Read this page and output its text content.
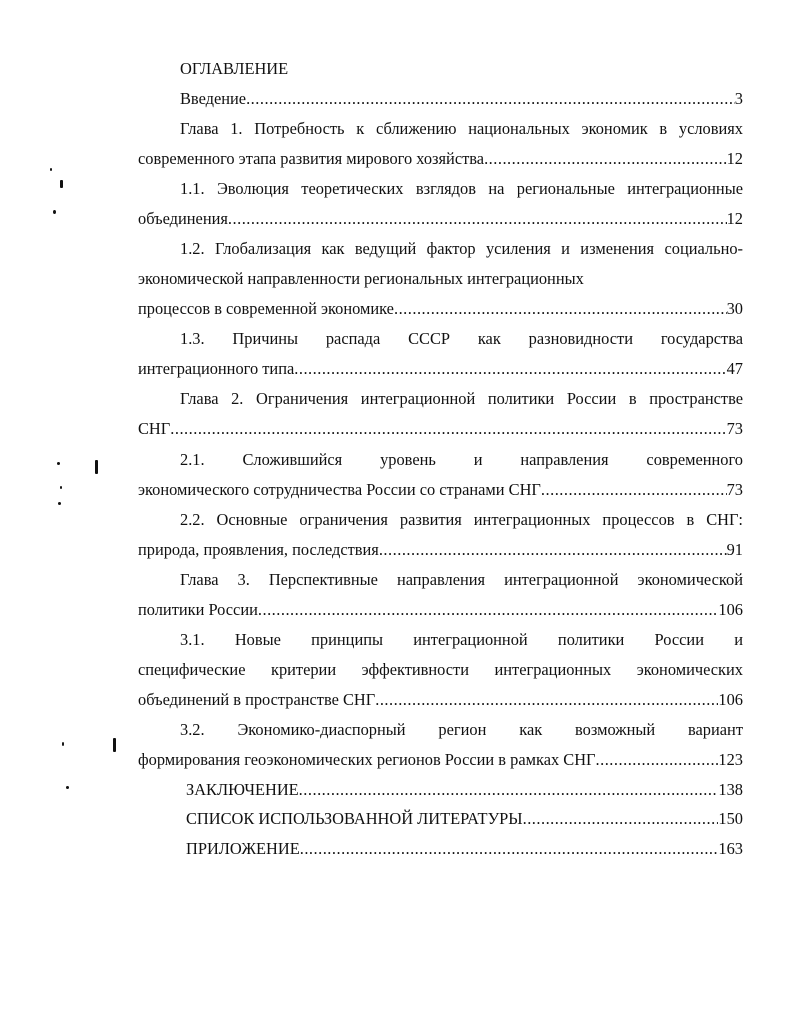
ОГЛАВЛЕНИЕ
Введение .....	3
Глава 1. Потребность к сближению национальных экономик в условиях
современного этапа развития мирового хозяйства .....	12
1.1. Эволюция теоретических взглядов на региональные интеграционные
объединения .....	12
1.2. Глобализация как ведущий фактор усиления и изменения социально-
экономической направленности региональных интеграционных
процессов в современной экономике .....	30
1.3. Причины распада СССР как разновидности государства
интеграционного типа .....	47
Глава 2. Ограничения интеграционной политики России в пространстве
СНГ .....	73
2.1. Сложившийся уровень и направления современного
экономического сотрудничества России со странами СНГ .....	73
2.2. Основные ограничения развития интеграционных процессов в СНГ:
природа, проявления, последствия .....	91
Глава 3. Перспективные направления интеграционной экономической
политики России .....	106
3.1. Новые принципы интеграционной политики России и
специфические критерии эффективности интеграционных экономических
объединений в пространстве СНГ .....	106
3.2. Экономико-диаспорный регион как возможный вариант
формирования геоэкономических регионов России в рамках СНГ .....	123
ЗАКЛЮЧЕНИЕ .....	138
СПИСОК ИСПОЛЬЗОВАННОЙ ЛИТЕРАТУРЫ .....	150
ПРИЛОЖЕНИЕ .....	163
